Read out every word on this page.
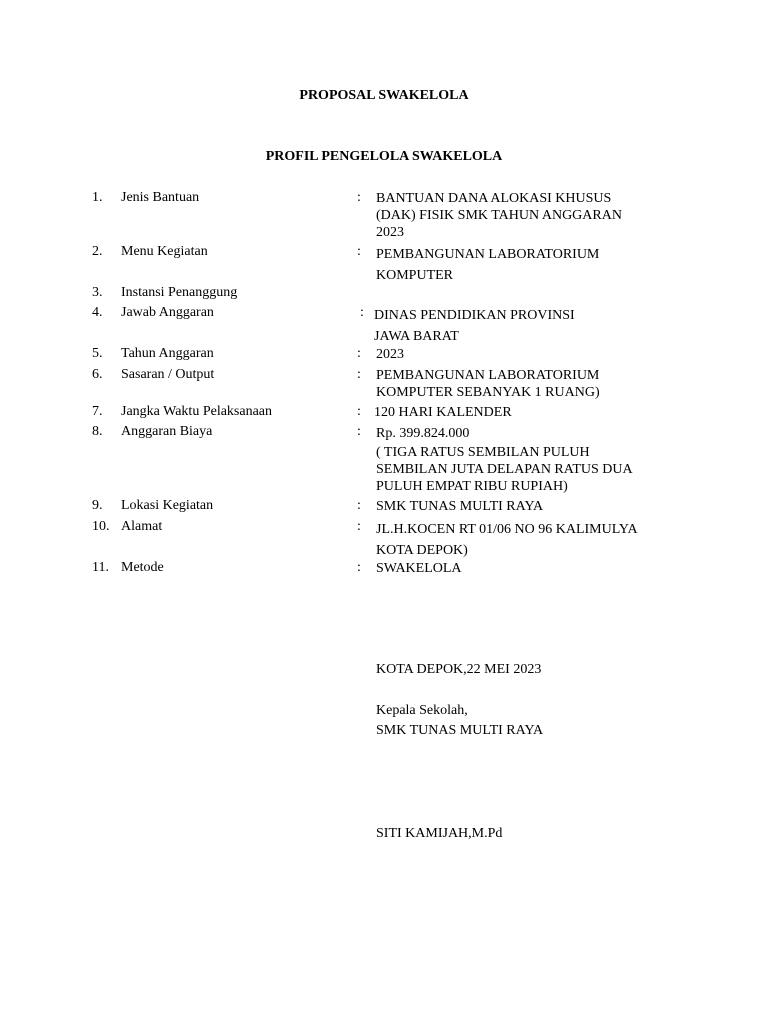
PROPOSAL SWAKELOLA
PROFIL PENGELOLA SWAKELOLA
1. Jenis Bantuan	: BANTUAN DANA ALOKASI KHUSUS
(DAK) FISIK SMK TAHUN ANGGARAN
2023
2. Menu Kegiatan	: PEMBANGUNAN LABORATORIUM
KOMPUTER
3. Instansi Penanggung
4. Jawab Anggaran	: DINAS PENDIDIKAN PROVINSI
JAWA BARAT
5. Tahun Anggaran	: 2023
6. Sasaran / Output	: PEMBANGUNAN LABORATORIUM
KOMPUTER SEBANYAK 1 RUANG)
7. Jangka Waktu Pelaksanaan	: 120 HARI KALENDER
8. Anggaran Biaya	: Rp. 399.824.000
( TIGA RATUS SEMBILAN PULUH
SEMBILAN JUTA DELAPAN RATUS DUA
PULUH EMPAT RIBU RUPIAH)
9. Lokasi Kegiatan	: SMK TUNAS MULTI RAYA
10. Alamat	: JL.H.KOCEN RT 01/06 NO 96 KALIMULYA
KOTA DEPOK)
11. Metode	: SWAKELOLA
KOTA DEPOK,22 MEI 2023
Kepala Sekolah,
SMK TUNAS MULTI RAYA
SITI KAMIJAH,M.Pd
